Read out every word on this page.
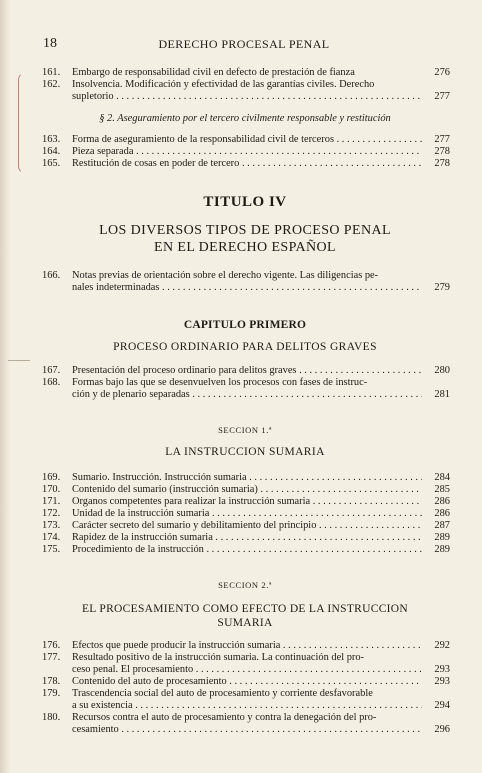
18	DERECHO PROCESAL PENAL
161.	Embargo de responsabilidad civil en defecto de prestación de fianza	276
162.	Insolvencia. Modificación y efectividad de las garantías civiles. Derecho
supletorio . . .	277
§ 2. Aseguramiento por el tercero civilmente responsable y restitución
163.	Forma de aseguramiento de la responsabilidad civil de terceros . . .	277
164.	Pieza separada . . .	278
165.	Restitución de cosas en poder de tercero . . .	278
TITULO IV
LOS DIVERSOS TIPOS DE PROCESO PENAL
EN EL DERECHO ESPAÑOL
166.	Notas previas de orientación sobre el derecho vigente. Las diligencias pe-
nales indeterminadas . . .	279
CAPITULO PRIMERO
PROCESO ORDINARIO PARA DELITOS GRAVES
167.	Presentación del proceso ordinario para delitos graves . . .	280
168.	Formas bajo las que se desenvuelven los procesos con fases de instruc-
ción y de plenario separadas . . .	281
SECCION 1.ª
LA INSTRUCCION SUMARIA
169.	Sumario. Instrucción. Instrucción sumaria . . .	284
170.	Contenido del sumario (instrucción sumaria) . . .	285
171.	Organos competentes para realizar la instrucción sumaria . . .	286
172.	Unidad de la instrucción sumaria . . .	286
173.	Carácter secreto del sumario y debilitamiento del principio . . .	287
174.	Rapidez de la instrucción sumaria . . .	289
175.	Procedimiento de la instrucción . . .	289
SECCION 2.ª
EL PROCESAMIENTO COMO EFECTO DE LA INSTRUCCION
SUMARIA
176.	Efectos que puede producir la instrucción sumaria . . .	292
177.	Resultado positivo de la instrucción sumaria. La continuación del pro-
ceso penal. El procesamiento . . .	293
178.	Contenido del auto de procesamiento . . .	293
179.	Trascendencia social del auto de procesamiento y corriente desfavorable
a su existencia . . .	294
180.	Recursos contra el auto de procesamiento y contra la denegación del pro-
cesamiento . . .	296
